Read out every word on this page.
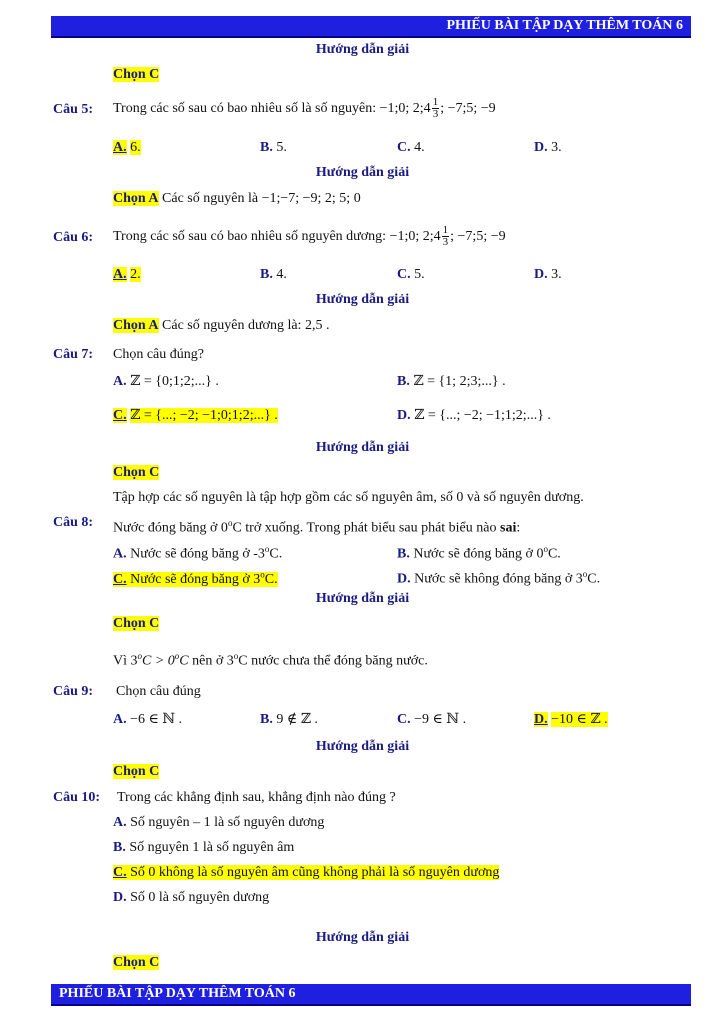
PHIẾU BÀI TẬP DẠY THÊM TOÁN 6
Hướng dẫn giải
Chọn C
Câu 5: Trong các số sau có bao nhiêu số là số nguyên: −1;0; 2;4 $\frac{1}{3}$ ; −7;5; −9
A. 6.	B. 5.	C. 4.	D. 3.
Hướng dẫn giải
Chọn A Các số nguyên là −1;−7; −9; 2; 5; 0
Câu 6: Trong các số sau có bao nhiêu số nguyên dương: −1;0; 2;4 $\frac{1}{3}$ ; −7;5; −9
A. 2.	B. 4.	C. 5.	D. 3.
Hướng dẫn giải
Chọn A Các số nguyên dương là: 2,5 .
Câu 7: Chọn câu đúng?
A. ℤ = {0;1;2;...} .	B. ℤ = {1; 2;3;...} .
C. ℤ = {...; −2; −1;0;1;2;...} .	D. ℤ = {...; −2; −1;1;2;...} .
Hướng dẫn giải
Chọn C
Tập hợp các số nguyên là tập hợp gồm các số nguyên âm, số 0 và số nguyên dương.
Câu 8: Nước đóng băng ở 0$^o$C trở xuống. Trong phát biểu sau phát biểu nào sai:
A. Nước sẽ đóng băng ở -3$^o$C.	B. Nước sẽ đóng băng ở 0$^o$C.
C. Nước sẽ đóng băng ở 3$^o$C.	D. Nước sẽ không đóng băng ở 3$^o$C.
Hướng dẫn giải
Chọn C
Vì $3^oC > 0^oC$ nên ở 3$^o$C nước chưa thể đóng băng nước.
Câu 9: Chọn câu đúng
A. −6 ∈ ℕ .	B. 9 ∉ ℤ .	C. −9 ∈ ℕ .	D. −10 ∈ ℤ .
Hướng dẫn giải
Chọn C
Câu 10: Trong các khẳng định sau, khẳng định nào đúng ?
A. Số nguyên – 1 là số nguyên dương
B. Số nguyên 1 là số nguyên âm
C. Số 0 không là số nguyên âm cũng không phải là số nguyên dương
D. Số 0 là số nguyên dương
Hướng dẫn giải
Chọn C
PHIẾU BÀI TẬP DẠY THÊM TOÁN 6
